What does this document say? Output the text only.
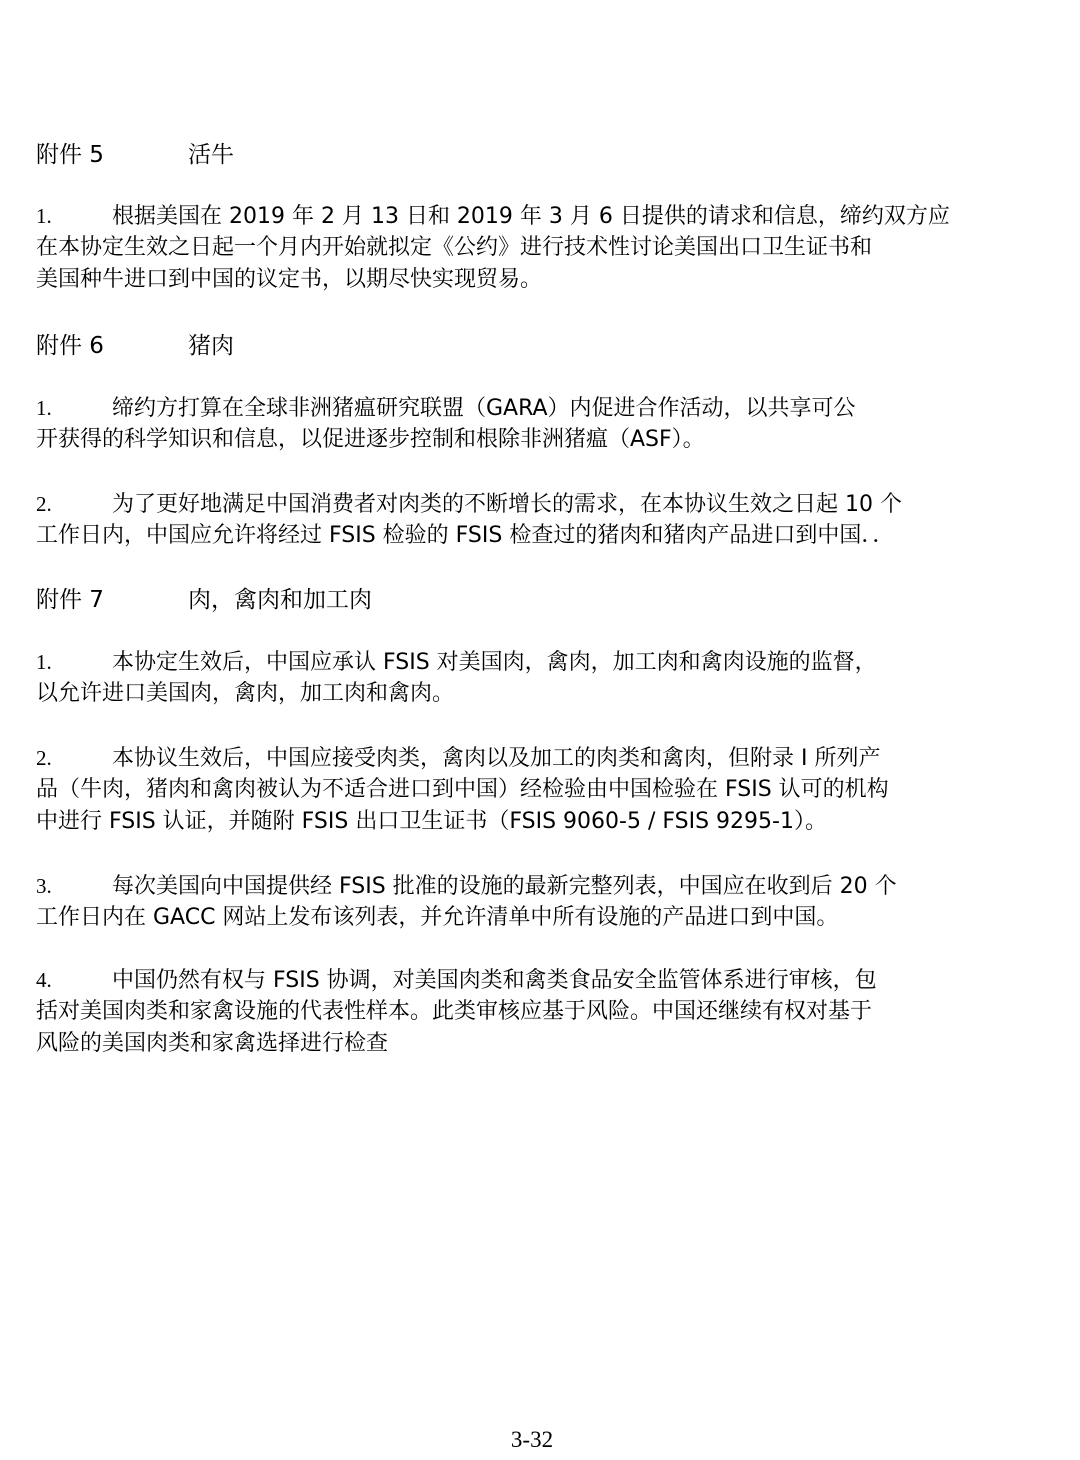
附件 5	活牛
1.	根据美国在 2019 年 2 月 13 日和 2019 年 3 月 6 日提供的请求和信息，缔约双方应
在本协定生效之日起一个月内开始就拟定《公约》进行技术性讨论美国出口卫生证书和
美国种牛进口到中国的议定书，以期尽快实现贸易。
附件 6	猪肉
1.	缔约方打算在全球非洲猪瘟研究联盟（GARA）内促进合作活动，以共享可公
开获得的科学知识和信息，以促进逐步控制和根除非洲猪瘟（ASF）。
2.	为了更好地满足中国消费者对肉类的不断增长的需求，在本协议生效之日起 10 个
工作日内，中国应允许将经过 FSIS 检验的 FSIS 检查过的猪肉和猪肉产品进口到中国．．
附件 7	肉，禽肉和加工肉
1.	本协定生效后，中国应承认 FSIS 对美国肉，禽肉，加工肉和禽肉设施的监督，
以允许进口美国肉，禽肉，加工肉和禽肉。
2.	本协议生效后，中国应接受肉类，禽肉以及加工的肉类和禽肉，但附录 I 所列产
品（牛肉，猪肉和禽肉被认为不适合进口到中国）经检验由中国检验在 FSIS 认可的机构
中进行 FSIS 认证，并随附 FSIS 出口卫生证书（FSIS 9060-5 / FSIS 9295-1）。
3.	每次美国向中国提供经 FSIS 批准的设施的最新完整列表，中国应在收到后 20 个
工作日内在 GACC 网站上发布该列表，并允许清单中所有设施的产品进口到中国。
4.	中国仍然有权与 FSIS 协调，对美国肉类和禽类食品安全监管体系进行审核，包
括对美国肉类和家禽设施的代表性样本。此类审核应基于风险。中国还继续有权对基于
风险的美国肉类和家禽选择进行检查
3-32
